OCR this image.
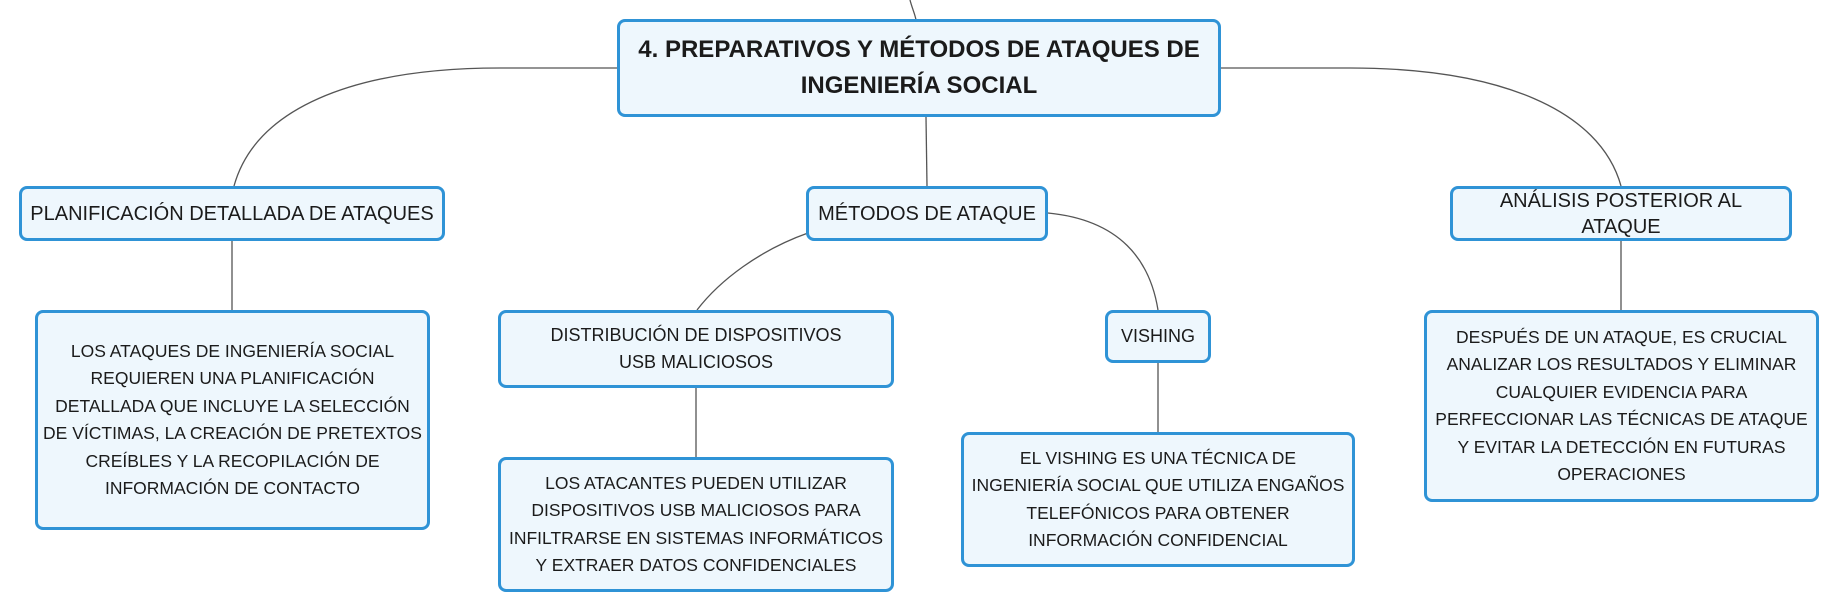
4. PREPARATIVOS Y MÉTODOS DE ATAQUES DE INGENIERÍA SOCIAL
PLANIFICACIÓN DETALLADA DE ATAQUES
LOS ATAQUES DE INGENIERÍA SOCIAL REQUIEREN UNA PLANIFICACIÓN DETALLADA QUE INCLUYE LA SELECCIÓN DE VÍCTIMAS, LA CREACIÓN DE PRETEXTOS CREÍBLES Y LA RECOPILACIÓN DE INFORMACIÓN DE CONTACTO
MÉTODOS DE ATAQUE
DISTRIBUCIÓN DE DISPOSITIVOS USB MALICIOSOS
LOS ATACANTES PUEDEN UTILIZAR DISPOSITIVOS USB MALICIOSOS PARA INFILTRARSE EN SISTEMAS INFORMÁTICOS Y EXTRAER DATOS CONFIDENCIALES
VISHING
EL VISHING ES UNA TÉCNICA DE INGENIERÍA SOCIAL QUE UTILIZA ENGAÑOS TELEFÓNICOS PARA OBTENER INFORMACIÓN CONFIDENCIAL
ANÁLISIS POSTERIOR AL ATAQUE
DESPUÉS DE UN ATAQUE, ES CRUCIAL ANALIZAR LOS RESULTADOS Y ELIMINAR CUALQUIER EVIDENCIA PARA PERFECCIONAR LAS TÉCNICAS DE ATAQUE Y EVITAR LA DETECCIÓN EN FUTURAS OPERACIONES
